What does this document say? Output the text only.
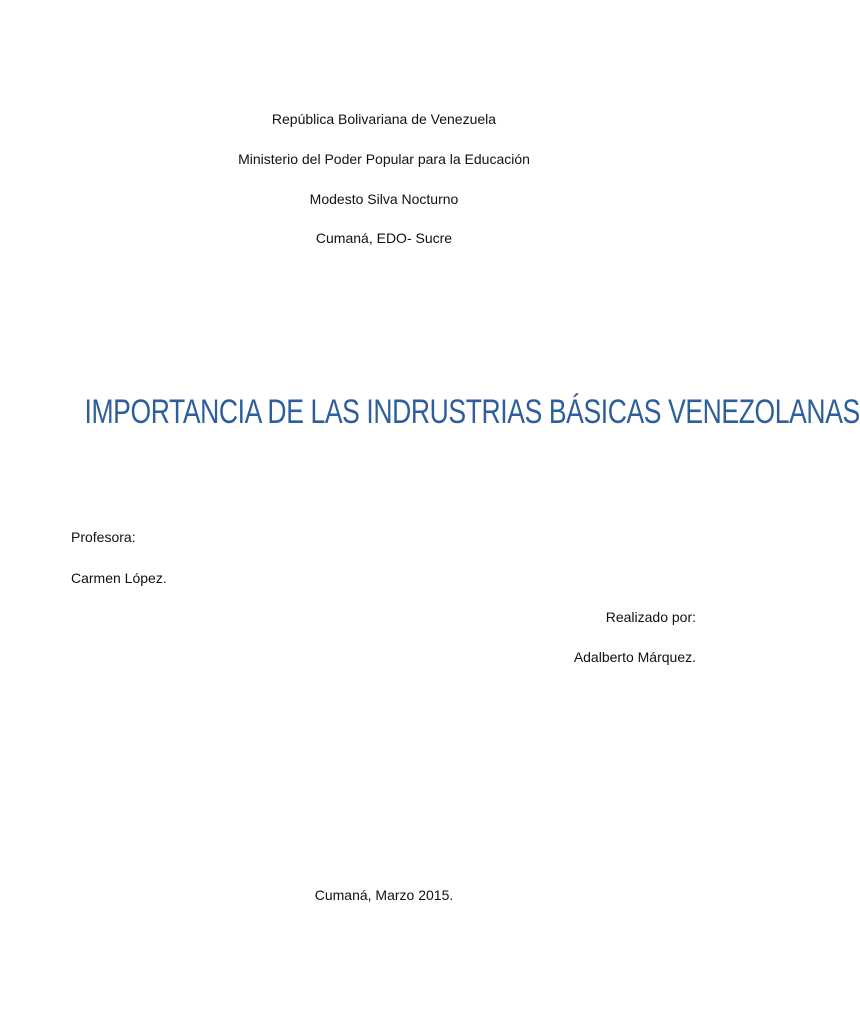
República Bolivariana de Venezuela
Ministerio del Poder Popular para la Educación
Modesto Silva Nocturno
Cumaná, EDO- Sucre
IMPORTANCIA DE LAS INDRUSTRIAS BÁSICAS VENEZOLANAS
Profesora:
Carmen López.
Realizado por:
Adalberto Márquez.
Cumaná, Marzo 2015.
